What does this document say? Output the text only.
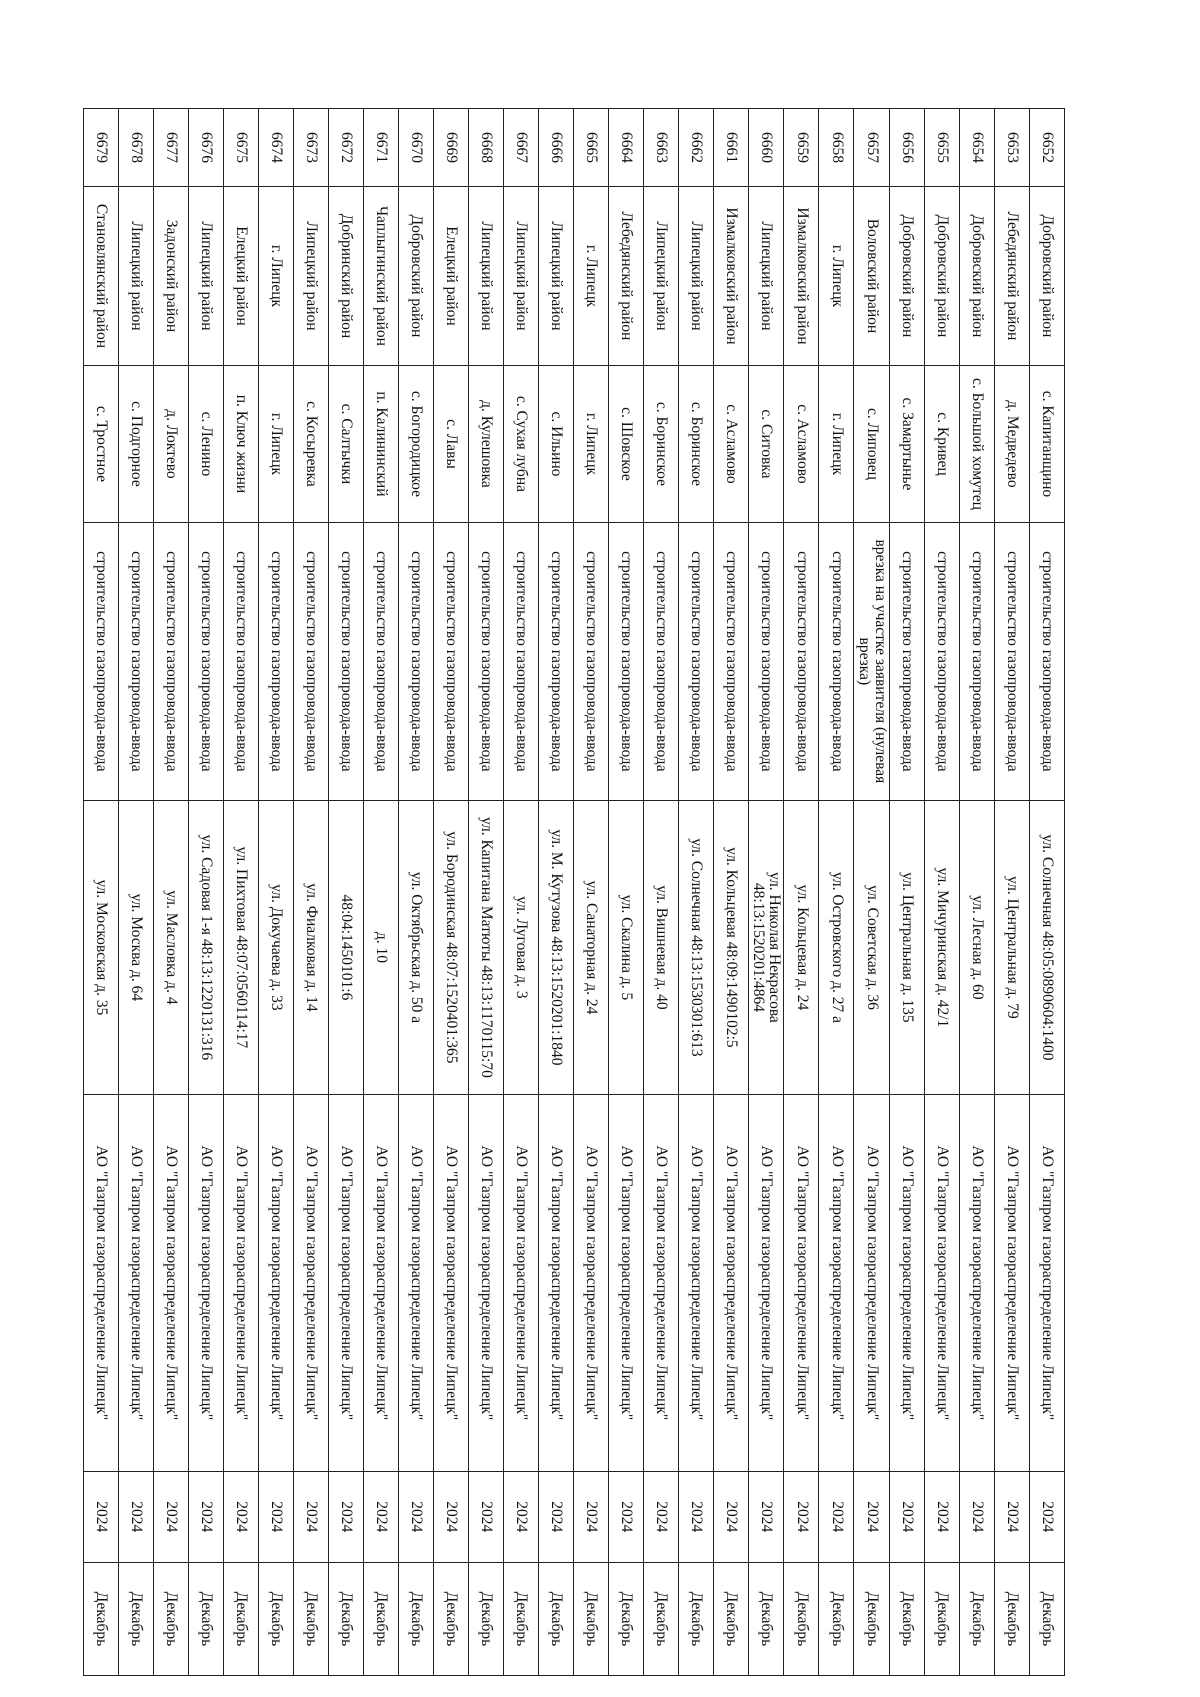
6652	Добровский район	с. Капитанщино	строительство газопровода-ввода	ул. Солнечная 48:05:0890604:1400	АО "Газпром газораспределение Липецк"	2024	Декабрь
6653	Лебедянский район	д. Медведево	строительство газопровода-ввода	ул. Центральная д. 79	АО "Газпром газораспределение Липецк"	2024	Декабрь
6654	Добровский район	с. Большой хомутец	строительство газопровода-ввода	ул. Лесная д. 60	АО "Газпром газораспределение Липецк"	2024	Декабрь
6655	Добровский район	с. Кривец	строительство газопровода-ввода	ул. Мичуринская д. 42/1	АО "Газпром газораспределение Липецк"	2024	Декабрь
6656	Добровский район	с. Замартынье	строительство газопровода-ввода	ул. Центральная д. 135	АО "Газпром газораспределение Липецк"	2024	Декабрь
6657	Воловский район	с. Липовец	врезка на участке заявителя (нулевая врезка)	ул. Советская д. 36	АО "Газпром газораспределение Липецк"	2024	Декабрь
6658	г. Липецк	г. Липецк	строительство газопровода-ввода	ул. Островского д. 27 а	АО "Газпром газораспределение Липецк"	2024	Декабрь
6659	Измалковский район	с. Асламово	строительство газопровода-ввода	ул. Кольцевая д. 24	АО "Газпром газораспределение Липецк"	2024	Декабрь
6660	Липецкий район	с. Ситовка	строительство газопровода-ввода	ул. Николая Некрасова 48:13:1520201:4864	АО "Газпром газораспределение Липецк"	2024	Декабрь
6661	Измалковский район	с. Асламово	строительство газопровода-ввода	ул. Кольцевая 48:09:1490102:5	АО "Газпром газораспределение Липецк"	2024	Декабрь
6662	Липецкий район	с. Боринское	строительство газопровода-ввода	ул. Солнечная 48:13:1530301:613	АО "Газпром газораспределение Липецк"	2024	Декабрь
6663	Липецкий район	с. Боринское	строительство газопровода-ввода	ул. Вишневая д. 40	АО "Газпром газораспределение Липецк"	2024	Декабрь
6664	Лебедянский район	с. Шовское	строительство газопровода-ввода	ул. Скалина д. 5	АО "Газпром газораспределение Липецк"	2024	Декабрь
6665	г. Липецк	г. Липецк	строительство газопровода-ввода	ул. Санаторная д. 24	АО "Газпром газораспределение Липецк"	2024	Декабрь
6666	Липецкий район	с. Ильино	строительство газопровода-ввода	ул. М. Кутузова 48:13:1520201:1840	АО "Газпром газораспределение Липецк"	2024	Декабрь
6667	Липецкий район	с. Сухая лубна	строительство газопровода-ввода	ул. Луговая д. 3	АО "Газпром газораспределение Липецк"	2024	Декабрь
6668	Липецкий район	д. Кулешовка	строительство газопровода-ввода	ул. Капитана Матюты 48:13:1170115:70	АО "Газпром газораспределение Липецк"	2024	Декабрь
6669	Елецкий район	с. Лавы	строительство газопровода-ввода	ул. Бородинская 48:07:1520401:365	АО "Газпром газораспределение Липецк"	2024	Декабрь
6670	Добровский район	с. Богородицкое	строительство газопровода-ввода	ул. Октябрьская д. 50 а	АО "Газпром газораспределение Липецк"	2024	Декабрь
6671	Чаплыгинский район	п. Калининский	строительство газопровода-ввода	д. 10	АО "Газпром газораспределение Липецк"	2024	Декабрь
6672	Добринский район	с. Салтычки	строительство газопровода-ввода	48:04:1450101:6	АО "Газпром газораспределение Липецк"	2024	Декабрь
6673	Липецкий район	с. Косыревка	строительство газопровода-ввода	ул. Фиалковая д. 14	АО "Газпром газораспределение Липецк"	2024	Декабрь
6674	г. Липецк	г. Липецк	строительство газопровода-ввода	ул. Докучаева д. 33	АО "Газпром газораспределение Липецк"	2024	Декабрь
6675	Елецкий район	п. Ключ жизни	строительство газопровода-ввода	ул. Пихтовая 48:07:0560114:17	АО "Газпром газораспределение Липецк"	2024	Декабрь
6676	Липецкий район	с. Ленино	строительство газопровода-ввода	ул. Садовая 1-я 48:13:1220131:316	АО "Газпром газораспределение Липецк"	2024	Декабрь
6677	Задонский район	д. Локтево	строительство газопровода-ввода	ул. Масловка д. 4	АО "Газпром газораспределение Липецк"	2024	Декабрь
6678	Липецкий район	с. Подгорное	строительство газопровода-ввода	ул. Москва д. 64	АО "Газпром газораспределение Липецк"	2024	Декабрь
6679	Становлянский район	с. Тростное	строительство газопровода-ввода	ул. Московская д. 35	АО "Газпром газораспределение Липецк"	2024	Декабрь
